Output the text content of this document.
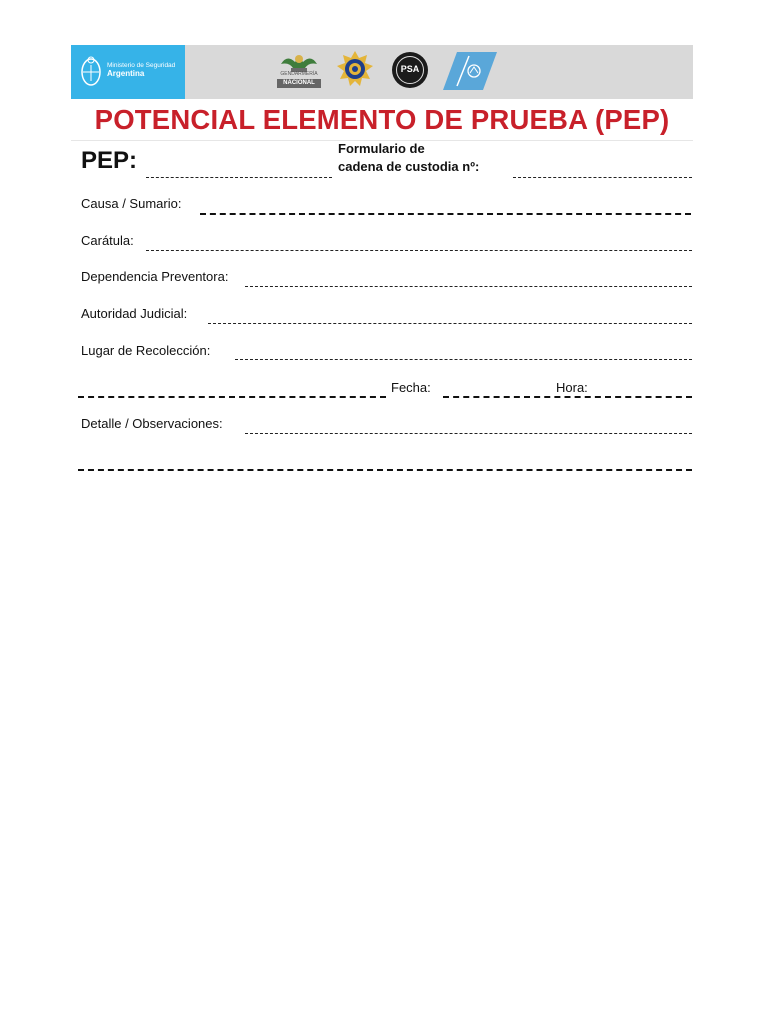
Ministerio de Seguridad
Argentina	GENDARMERÍA
NACIONAL
PSA
POTENCIAL ELEMENTO DE PRUEBA (PEP)
PEP:	Formulario de
cadena de custodia nº:
Causa / Sumario:
Carátula:
Dependencia Preventora:
Autoridad Judicial:
Lugar de Recolección:
Fecha:	Hora:
Detalle / Observaciones:
